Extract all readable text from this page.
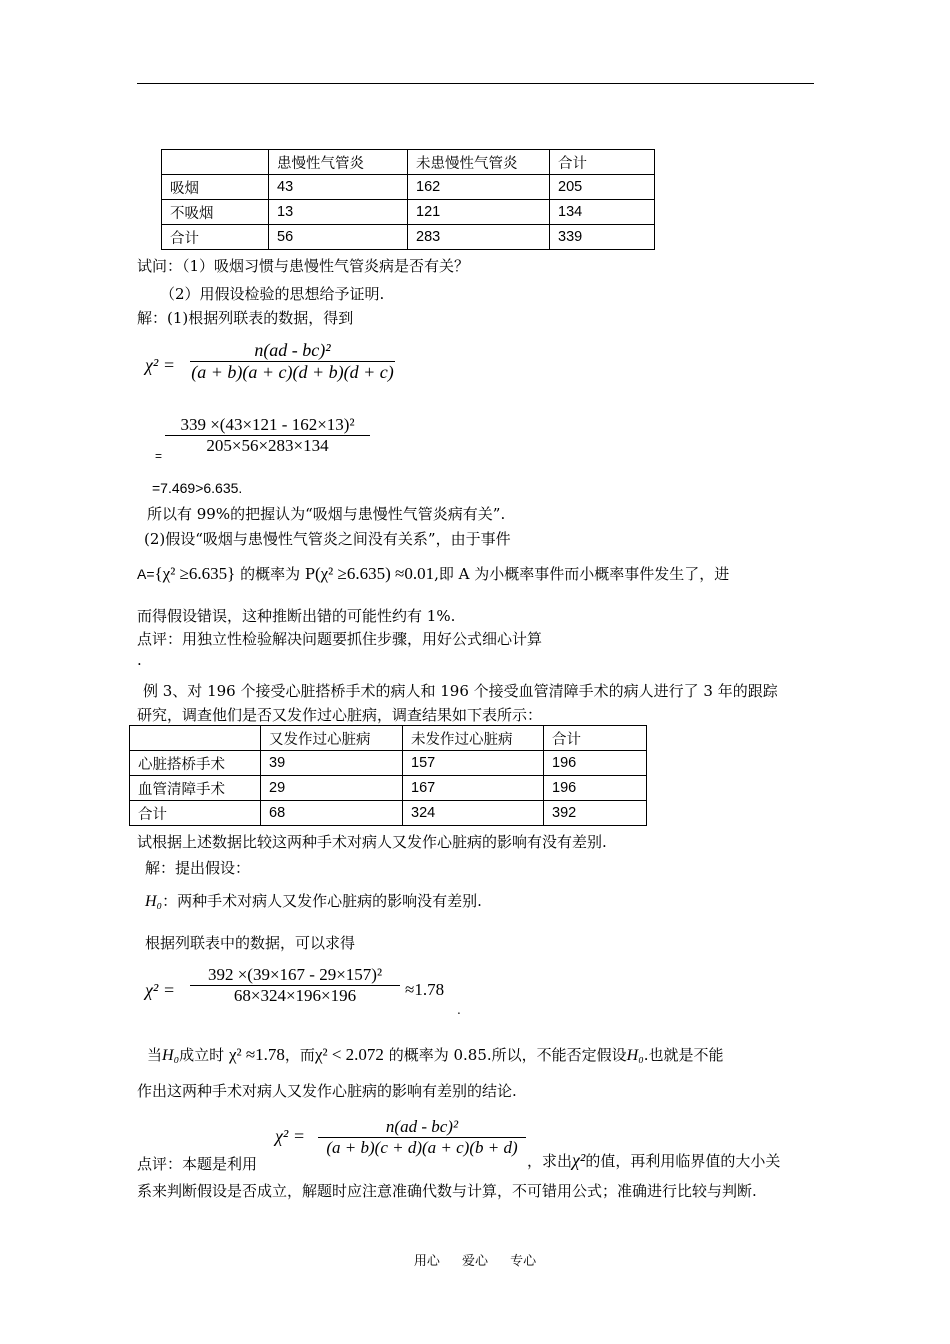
	患慢性气管炎	未患慢性气管炎	合计
吸烟	43	162	205
不吸烟	13	121	134
合计	56	283	339
试问：（1）吸烟习惯与患慢性气管炎病是否有关？
（2）用假设检验的思想给予证明.
解：(1)根据列联表的数据，得到
$\chi^2 = \frac{\text{n(ad - bc)²}}{(a + b)(a + c)(d + b)(d + c)}$
$\frac{\text{339 ×(43×121 - 162×13)²}}{205\times 56\times 283\times 134}$
=
=7.469>6.635.
所以有 99%的把握认为“吸烟与患慢性气管炎病有关”.
(2)假设“吸烟与患慢性气管炎之间没有关系”，由于事件
A={χ² ≥6.635} 的概率为 P(χ² ≥6.635) ≈0.01,即 A 为小概率事件而小概率事件发生了，进
而得假设错误，这种推断出错的可能性约有 1%.
点评：用独立性检验解决问题要抓住步骤，用好公式细心计算
.
例 3、对 196 个接受心脏搭桥手术的病人和 196 个接受血管清障手术的病人进行了 3 年的跟踪
研究，调查他们是否又发作过心脏病，调查结果如下表所示：
	又发作过心脏病	未发作过心脏病	合计
心脏搭桥手术	39	157	196
血管清障手术	29	167	196
合计	68	324	392
试根据上述数据比较这两种手术对病人又发作心脏病的影响有没有差别.
解：提出假设：
H₀：两种手术对病人又发作心脏病的影响没有差别.
根据列联表中的数据，可以求得
$\chi^2 = \frac{\text{392 ×(39×167 - 29×157)²}}{68\times 324\times 196\times 196} \approx 1.78$
.
当H₀成立时 χ² ≈1.78，而χ² < 2.072 的概率为 0.85.所以，不能否定假设H₀.也就是不能
作出这两种手术对病人又发作心脏病的影响有差别的结论.
$\chi^2 = \frac{\text{n(ad - bc)²}}{(a + b)(c + d)(a + c)(b + d)}$
点评：本题是利用	，求出χ²的值，再利用临界值的大小关
系来判断假设是否成立，解题时应注意准确代数与计算，不可错用公式；准确进行比较与判断.
用心 爱心 专心
